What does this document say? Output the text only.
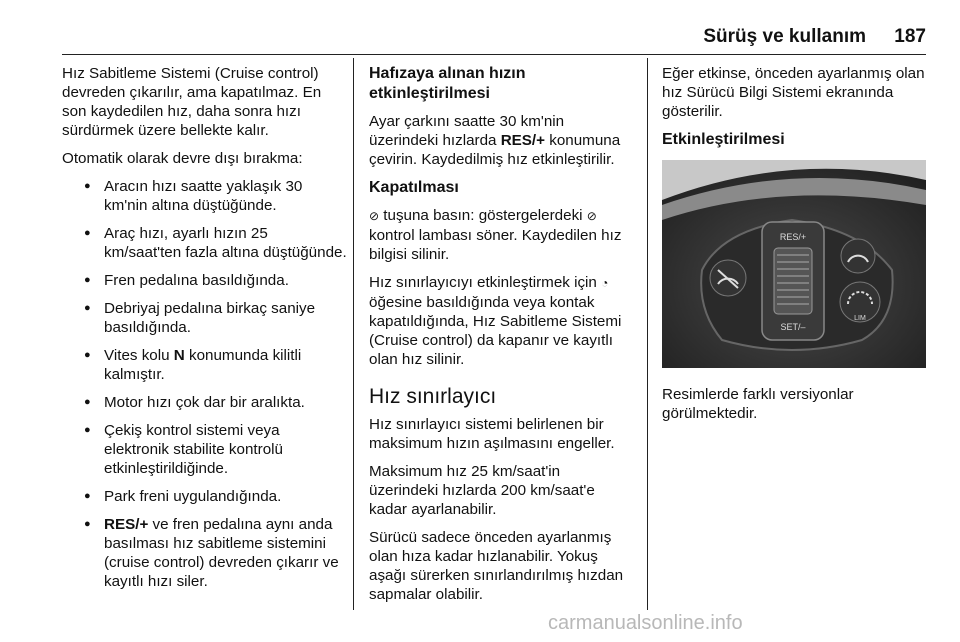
Sürüş ve kullanım 187

Hız Sabitleme Sistemi (Cruise control) devreden çıkarılır, ama kapatılmaz. En son kaydedilen hız, daha sonra hızı sürdürmek üzere bellekte kalır.

Otomatik olarak devre dışı bırakma:

● Aracın hızı saatte yaklaşık 30 km'nin altına düştüğünde.
● Araç hızı, ayarlı hızın 25 km/saat'ten fazla altına düştüğünde.
● Fren pedalına basıldığında.
● Debriyaj pedalına birkaç saniye basıldığında.
● Vites kolu N konumunda kilitli kalmıştır.
● Motor hızı çok dar bir aralıkta.
● Çekiş kontrol sistemi veya elektronik stabilite kontrolü etkinleştirildiğinde.
● Park freni uygulandığında.
● RES/+ ve fren pedalına aynı anda basılması hız sabitleme sistemini (cruise control) devreden çıkarır ve kayıtlı hızı siler.
Hafızaya alınan hızın etkinleştirilmesi

Ayar çarkını saatte 30 km'nin üzerindeki hızlarda RES/+ konumuna çevirin. Kaydedilmiş hız etkinleştirilir.

Kapatılması

⊘ tuşuna basın: göstergelerdeki ⊘ kontrol lambası söner. Kaydedilen hız bilgisi silinir.

Hız sınırlayıcıyı etkinleştirmek için ◔ öğesine basıldığında veya kontak kapatıldığında, Hız Sabitleme Sistemi (Cruise control) da kapanır ve kayıtlı olan hız silinir.

Hız sınırlayıcı

Hız sınırlayıcı sistemi belirlenen bir maksimum hızın aşılmasını engeller.

Maksimum hız 25 km/saat'in üzerindeki hızlarda 200 km/saat'e kadar ayarlanabilir.

Sürücü sadece önceden ayarlanmış olan hıza kadar hızlanabilir. Yokuş aşağı sürerken sınırlandırılmış hızdan sapmalar olabilir.

Eğer etkinse, önceden ayarlanmış olan hız Sürücü Bilgi Sistemi ekranında gösterilir.

Etkinleştirilmesi
RES/+
SET/–
LIM

Resimlerde farklı versiyonlar görülmektedir.

carmanualsonline.info
